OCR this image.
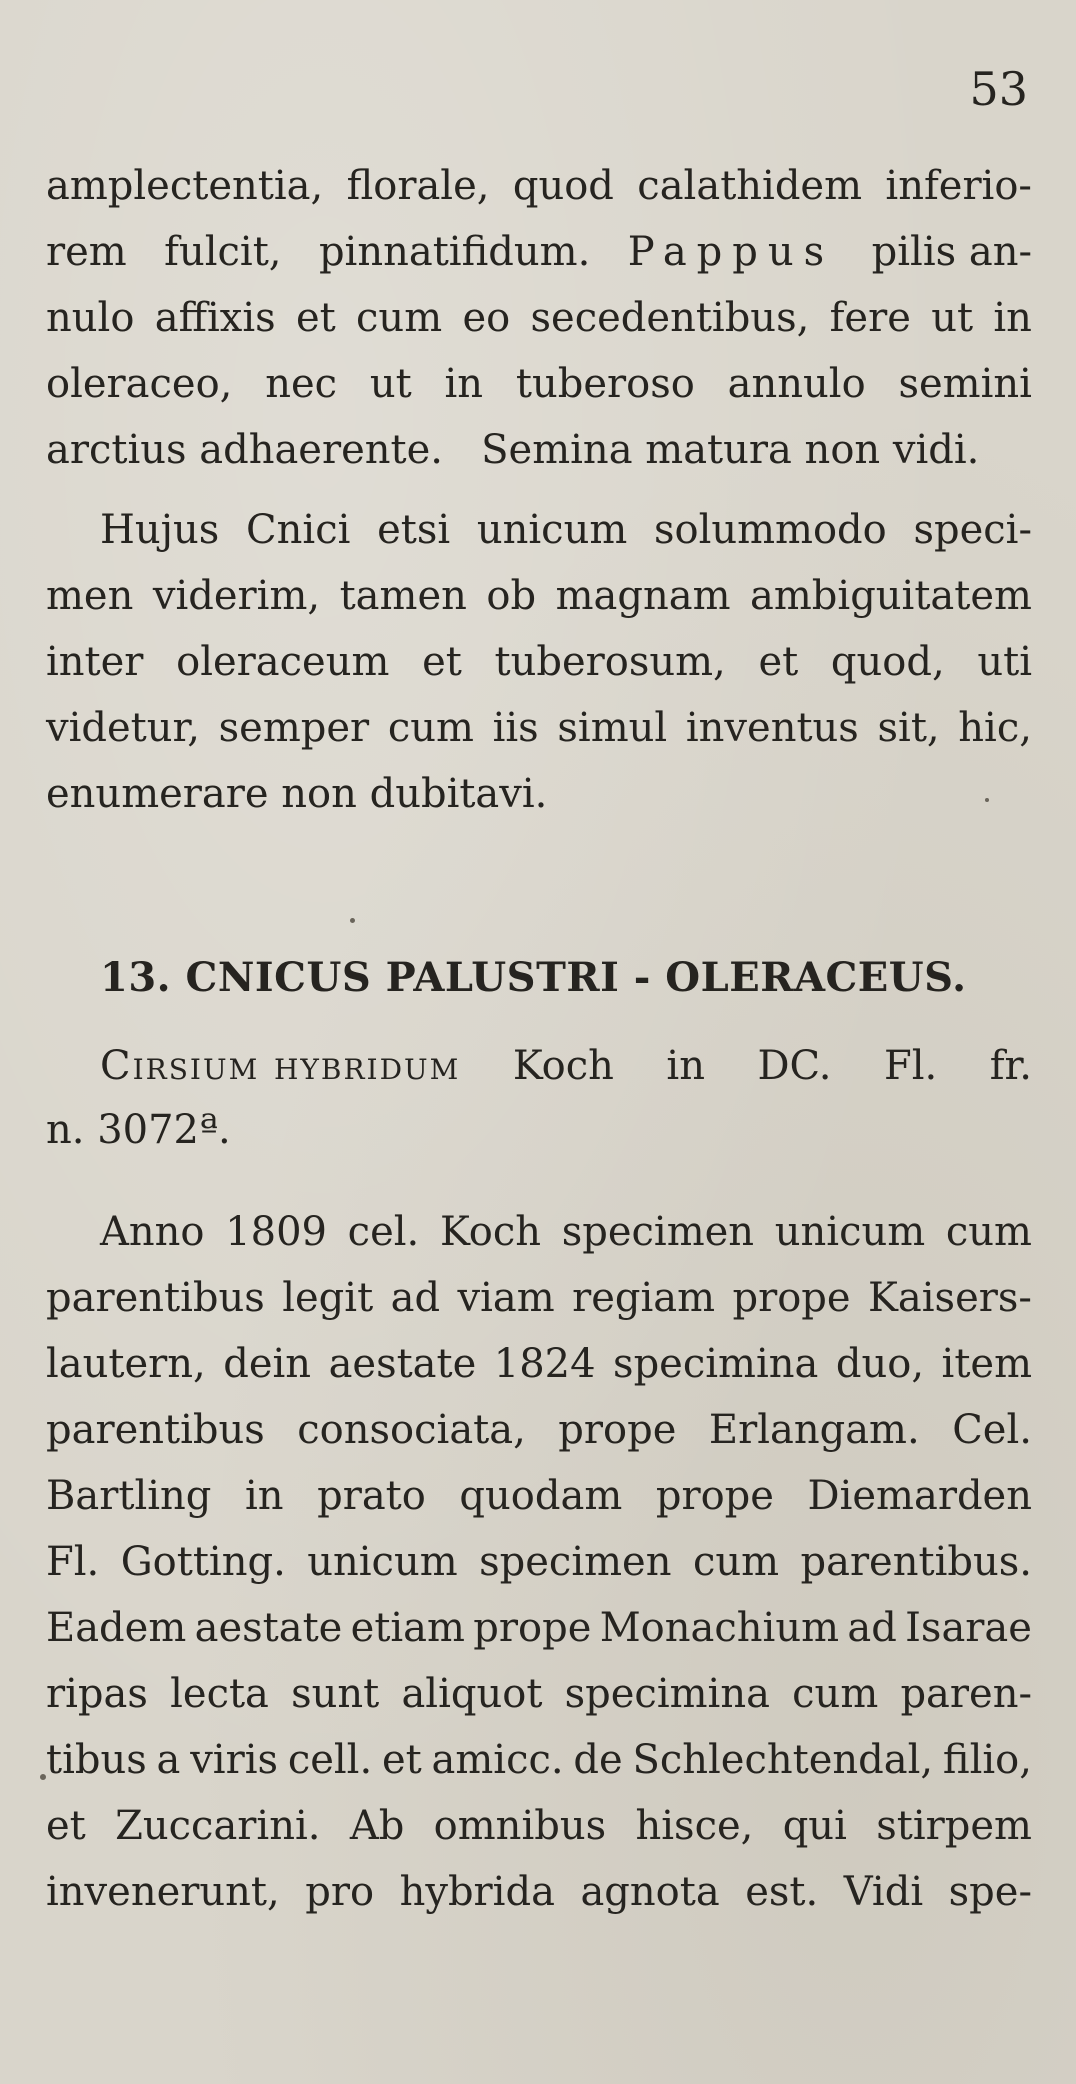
53
amplectentia, florale, quod calathidem inferio-
rem fulcit, pinnatifidum. Pappus pilis an-
nulo affixis et cum eo secedentibus, fere ut in
oleraceo, nec ut in tuberoso annulo semini
arctius adhaerente.   Semina matura non vidi.
Hujus Cnici etsi unicum solummodo speci-
men viderim, tamen ob magnam ambiguitatem
inter oleraceum et tuberosum, et quod, uti
videtur, semper cum iis simul inventus sit, hic,
enumerare non dubitavi.
13. CNICUS PALUSTRI - OLERACEUS.
Cirsium hybridum Koch in DC. Fl. fr.
n. 3072ª.
Anno 1809 cel. Koch specimen unicum cum
parentibus legit ad viam regiam prope Kaisers-
lautern, dein aestate 1824 specimina duo, item
parentibus consociata, prope Erlangam. Cel.
Bartling in prato quodam prope Diemarden
Fl. Gotting. unicum specimen cum parentibus.
Eadem aestate etiam prope Monachium ad Isarae
ripas lecta sunt aliquot specimina cum paren-
tibus a viris cell. et amicc. de Schlechtendal, filio,
et Zuccarini. Ab omnibus hisce, qui stirpem
invenerunt, pro hybrida agnota est. Vidi spe-
